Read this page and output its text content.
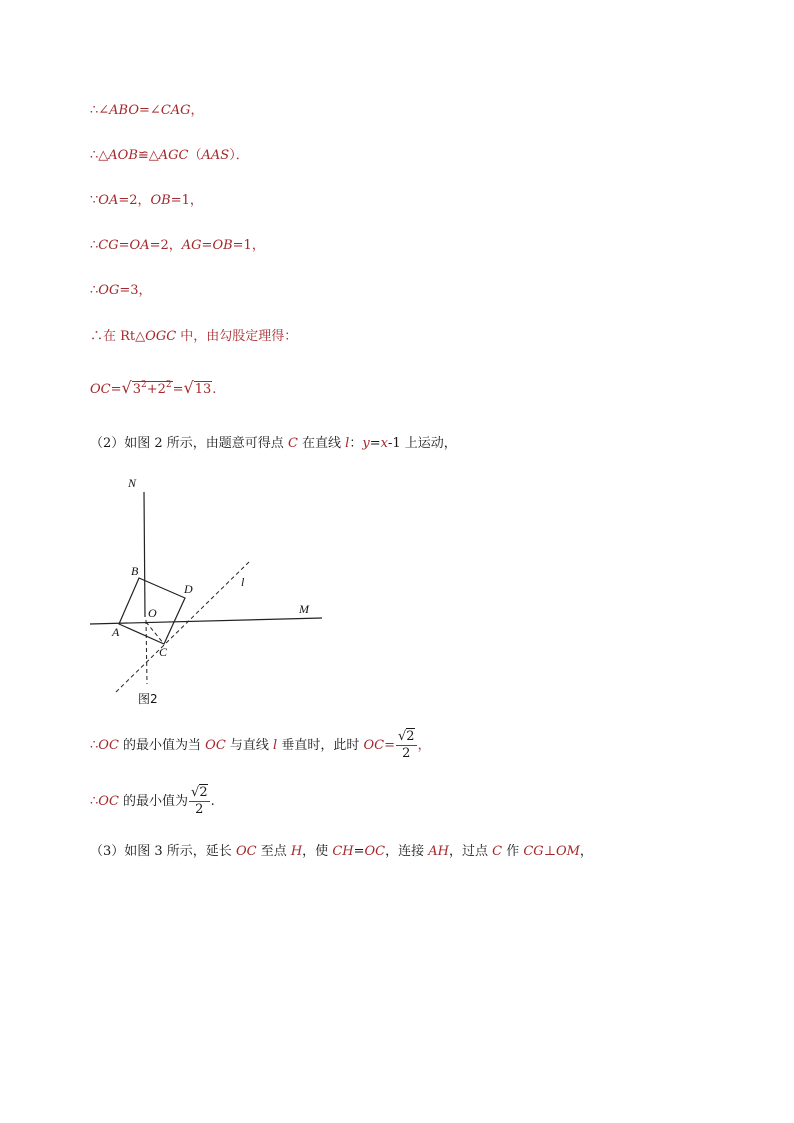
∴∠ABO=∠CAG，
∴△AOB≌△AGC（AAS）．
∵OA=2，OB=1，
∴CG=OA=2，AG=OB=1，
∴OG=3，
∴在 Rt△OGC 中，由勾股定理得：
$OC=√3^2+2^2=√13$.
（2）如图 2 所示，由题意可得点 C 在直线 l：y=x-1 上运动，
N
M
B
D
O
A
C
l
图2
∴OC 的最小值为当 OC 与直线 l 垂直时，此时 $OC= \frac{√2}{2}$ ，
∴OC 的最小值为 $\frac{√2}{2}$ .
（3）如图 3 所示，延长 OC 至点 H，使 CH=OC，连接 AH，过点 C 作 CG⊥OM，
